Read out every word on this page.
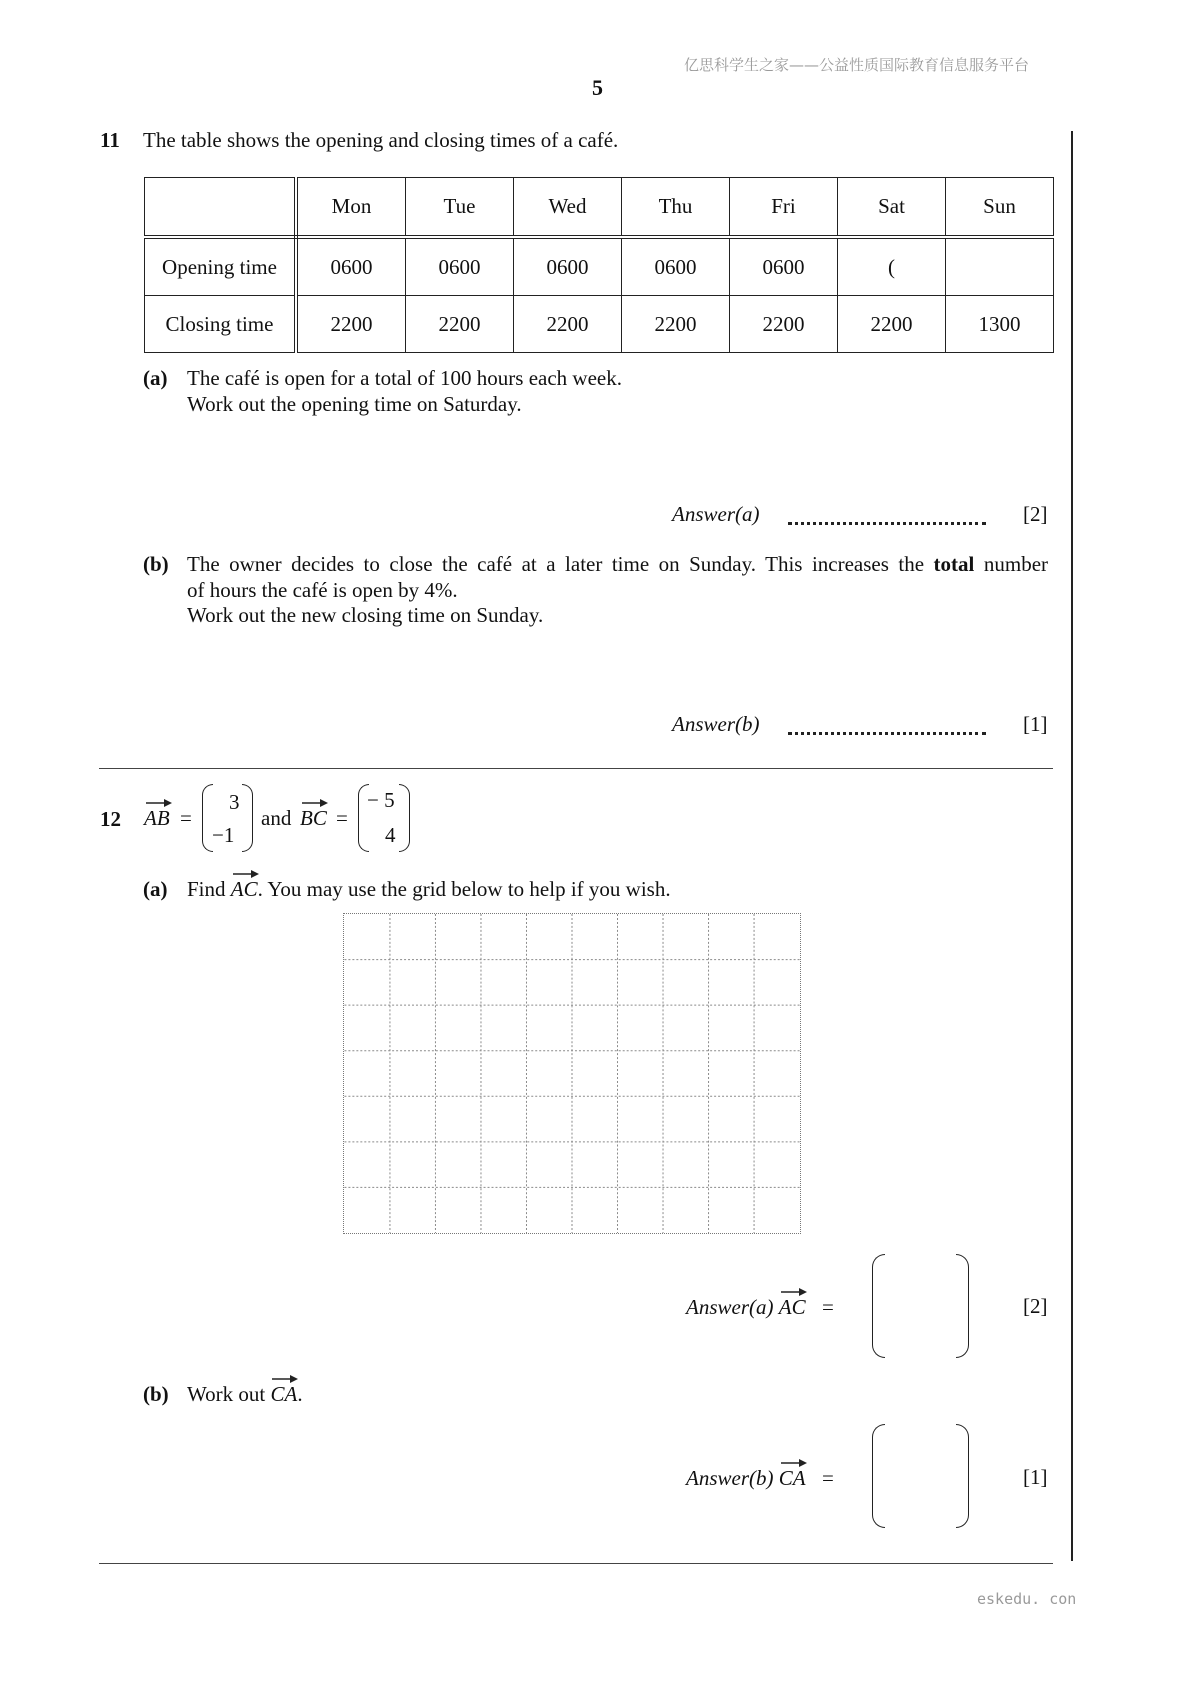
亿思科学生之家——公益性质国际教育信息服务平台
5
11 The table shows the opening and closing times of a café.
	Mon	Tue	Wed	Thu	Fri	Sat	Sun
Opening time	0600	0600	0600	0600	0600	(	
Closing time	2200	2200	2200	2200	2200	2200	1300
(a) The café is open for a total of 100 hours each week.
Work out the opening time on Saturday.
Answer(a)	[2]
(b) The owner decides to close the café at a later time on Sunday. This increases the total number
of hours the café is open by 4%.
Work out the new closing time on Sunday.
Answer(b)	[1]
12 AB =
3
−1
and BC =
− 5
4
(a) Find AC
. You may use the grid below to help if you wish.
Answer(a) AC =	[2]
(b) Work out CA
.
Answer(b) CA =	[1]
eskedu. con
